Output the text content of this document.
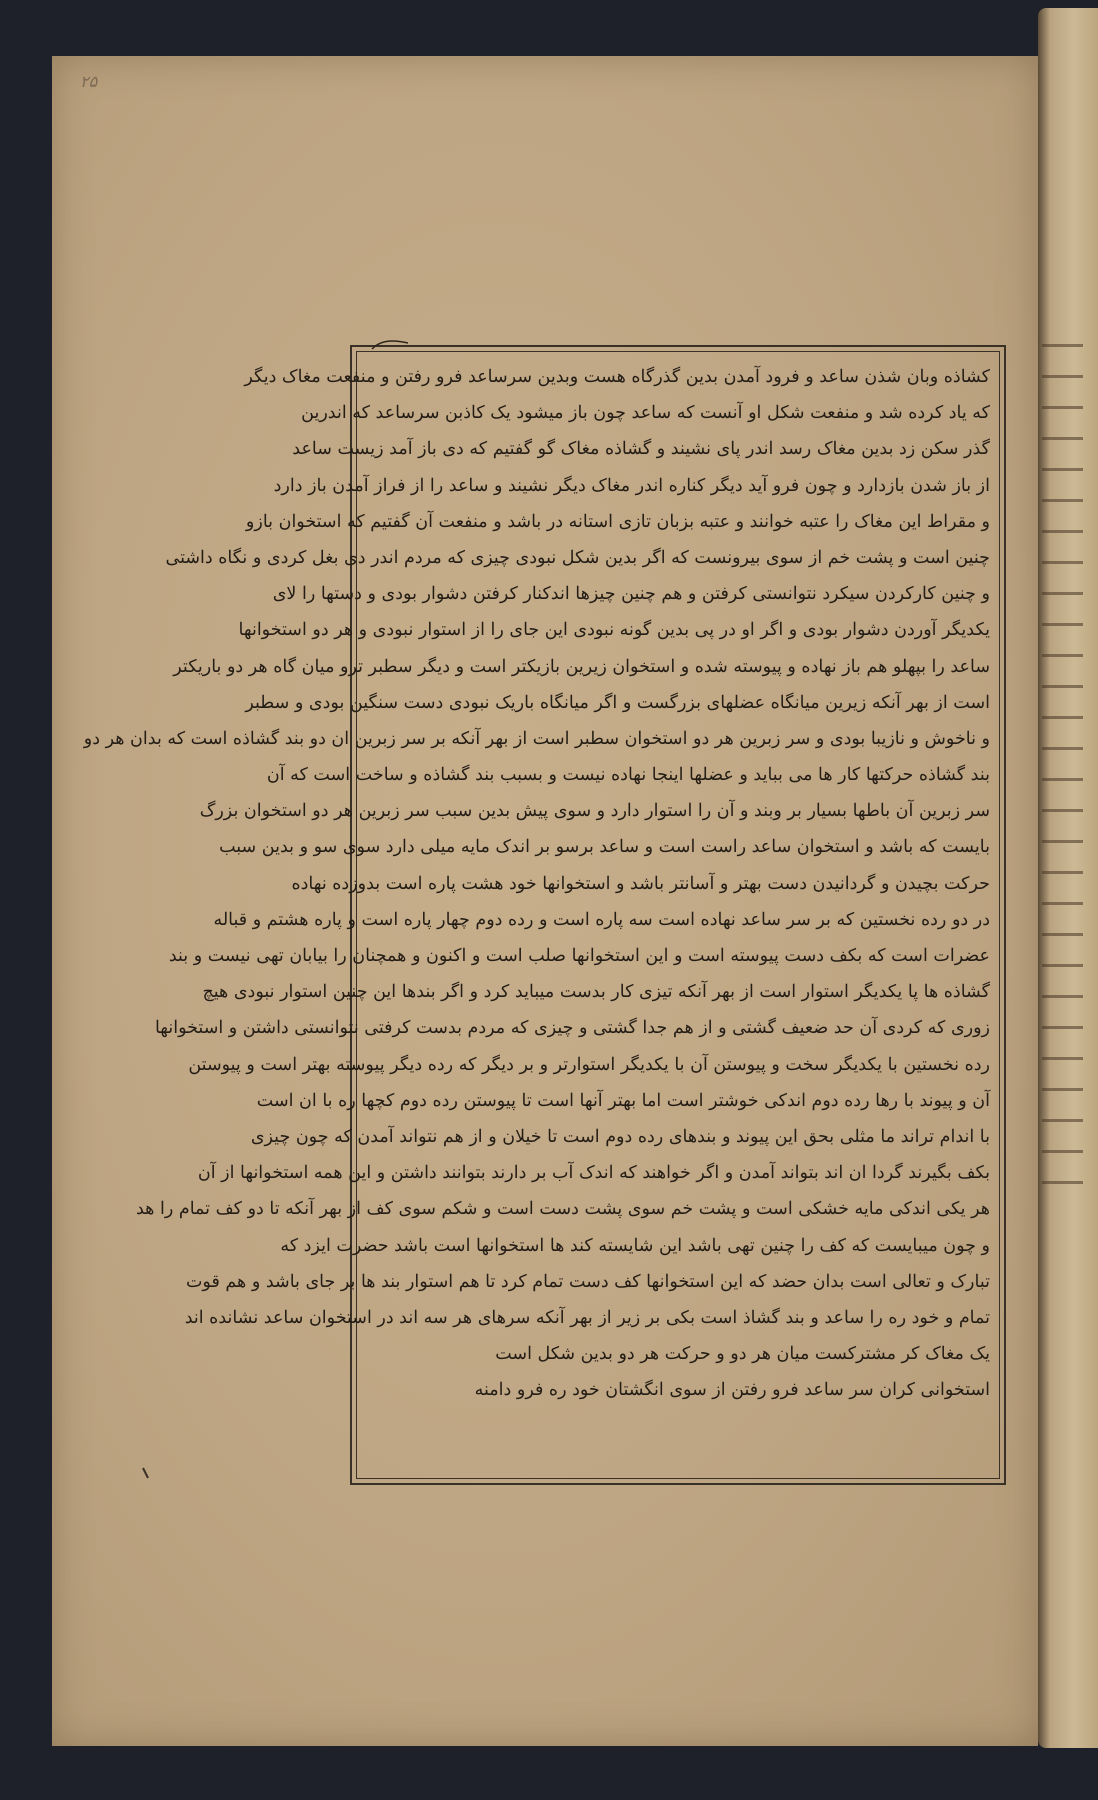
۲۵
کشاذه وبان شذن ساعد و فرود آمدن بدین گذرگاه هست وبدین سرساعد فرو رفتن و منفعت مغاک دیگر
که یاد کرده شد و منفعت شکل او آنست که ساعد چون باز میشود یک کاذبن سرساعد که اندرین
گذر سکن زد بدین مغاک رسد اندر پای نشیند و گشاذه مغاک گو گفتیم که دی باز آمد زیست ساعد
از باز شدن بازدارد و چون فرو آید دیگر کناره اندر مغاک دیگر نشیند و ساعد را از فراز آمدن باز دارد
و مقراط این مغاک را عتبه خوانند و عتبه بزبان تازی استانه در باشد و منفعت آن گفتیم که استخوان بازو
چنین است و پشت خم از سوی بیرونست که اگر بدین شکل نبودی چیزی که مردم اندر دی بغل کردی و نگاه داشتی
و چنین کارکردن سیکرد نتوانستی کرفتن و هم چنین چیزها اندکنار کرفتن دشوار بودی و دستها را لای
یکدیگر آوردن دشوار بودی و اگر او در پی بدین گونه نبودی این جای را از استوار نبودی و هر دو استخوانها
ساعد را بپهلو هم باز نهاده و پیوسته شده و استخوان زیرین بازیکتر است و دیگر سطبر ترو میان گاه هر دو باریکتر
است از بهر آنکه زیرین میانگاه عضلهای بزرگست و اگر میانگاه باریک نبودی دست سنگین بودی و سطبر
و ناخوش و نازیبا بودی و سر زبرین هر دو استخوان سطبر است از بهر آنکه بر سر زبرین ان دو بند گشاذه است که بدان هر دو
بند گشاذه حرکتها کار ها می بباید و عضلها اینجا نهاده نیست و بسبب بند گشاذه و ساخت است که آن
سر زبرین آن باطها بسیار بر وبند و آن را استوار دارد و سوی پیش بدین سبب سر زبرین هر دو استخوان بزرگ
بایست که باشد و استخوان ساعد راست است و ساعد برسو بر اندک مایه میلی دارد سوی سو و بدین سبب
حرکت بچیدن و گردانیدن دست بهتر و آسانتر باشد و استخوانها خود هشت پاره است بدوزده نهاده
در دو رده نخستین که بر سر ساعد نهاده است سه پاره است و رده دوم چهار پاره است و پاره هشتم و قباله
عضرات است که بکف دست پیوسته است و این استخوانها صلب است و اکنون و همچنان را بیابان تهی نیست و بند
گشاذه ها پا یکدیگر استوار است از بهر آنکه تیزی کار بدست میباید کرد و اگر بندها این چنین استوار نبودی هیچ
زوری که کردی آن حد ضعیف گشتی و از هم جدا گشتی و چیزی که مردم بدست کرفتی نتوانستی داشتن و استخوانها
رده نخستین با یکدیگر سخت و پیوستن آن با یکدیگر استوارتر و بر دیگر که رده دیگر پیوسته بهتر است و پیوستن
آن و پیوند با رها رده دوم اندکی خوشتر است اما بهتر آنها است تا پیوستن رده دوم کچها ره با ان است
با اندام تراند ما مثلی بحق این پیوند و بندهای رده دوم است تا خیلان و از هم نتواند آمدن که چون چیزی
بکف بگیرند گردا ان اند بتواند آمدن و اگر خواهند که اندک آب بر دارند بتوانند داشتن و این همه استخوانها از آن
هر یکی اندکی مایه خشکی است و پشت خم سوی پشت دست است و شکم سوی کف از بهر آنکه تا دو کف تمام را هد
و چون میبایست که کف را چنین تهی باشد این شایسته کند ها استخوانها است باشد حضرت ایزد که
تبارک و تعالی است بدان حضد که این استخوانها کف دست تمام کرد تا هم استوار بند ها بر جای باشد و هم قوت
تمام و خود ره را ساعد و بند گشاذ است بکی بر زیر از بهر آنکه سرهای هر سه اند در استخوان ساعد نشانده اند
یک مغاک کر مشترکست میان هر دو و حرکت هر دو بدین شکل است
استخوانی کران سر ساعد فرو رفتن از سوی انگشتان خود ره فرو دامنه
